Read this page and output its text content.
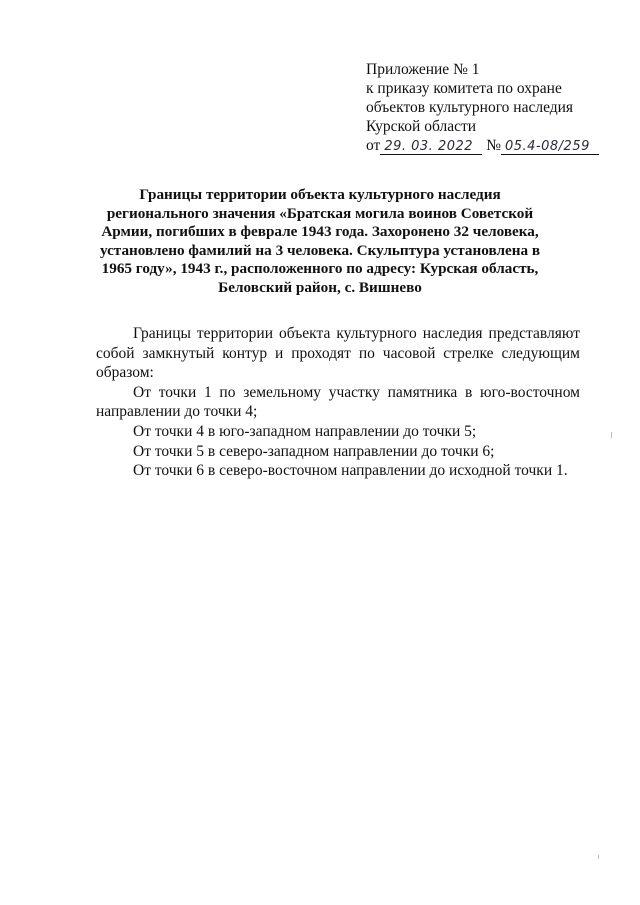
Приложение № 1
к приказу комитета по охране
объектов культурного наследия
Курской области
от 29. 03. 2022 № 05.4-08/259
Границы территории объекта культурного наследия регионального значения «Братская могила воинов Советской Армии, погибших в феврале 1943 года. Захоронено 32 человека, установлено фамилий на 3 человека. Скульптура установлена в 1965 году», 1943 г., расположенного по адресу: Курская область, Беловский район, с. Вишнево

Границы территории объекта культурного наследия представляют собой замкнутый контур и проходят по часовой стрелке следующим образом:

От точки 1 по земельному участку памятника в юго-восточном направлении до точки 4;

От точки 4 в юго-западном направлении до точки 5;

От точки 5 в северо-западном направлении до точки 6;

От точки 6 в северо-восточном направлении до исходной точки 1.
